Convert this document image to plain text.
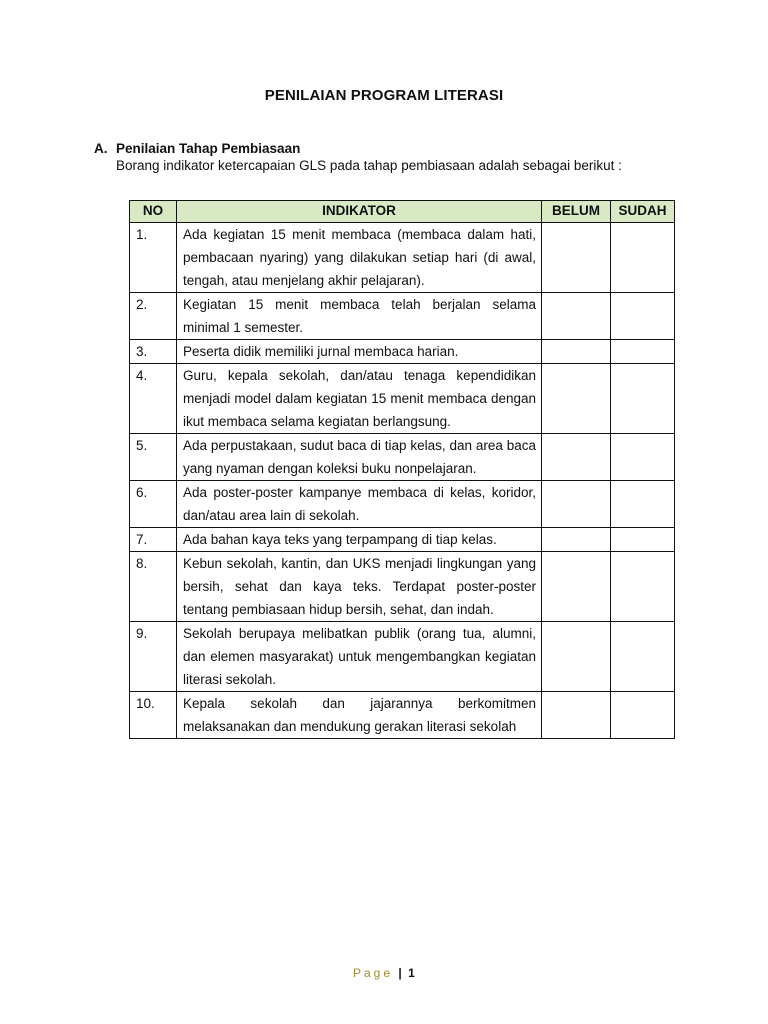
PENILAIAN PROGRAM LITERASI
A. Penilaian Tahap Pembiasaan
Borang indikator ketercapaian GLS pada tahap pembiasaan adalah sebagai berikut :
NO	INDIKATOR	BELUM	SUDAH
1.	Ada kegiatan 15 menit membaca (membaca dalam hati, pembacaan nyaring) yang dilakukan setiap hari (di awal, tengah, atau menjelang akhir pelajaran).		
2.	Kegiatan 15 menit membaca telah berjalan selama minimal 1 semester.		
3.	Peserta didik memiliki jurnal membaca harian.		
4.	Guru, kepala sekolah, dan/atau tenaga kependidikan menjadi model dalam kegiatan 15 menit membaca dengan ikut membaca selama kegiatan berlangsung.		
5.	Ada perpustakaan, sudut baca di tiap kelas, dan area baca yang nyaman dengan koleksi buku nonpelajaran.		
6.	Ada poster-poster kampanye membaca di kelas, koridor, dan/atau area lain di sekolah.		
7.	Ada bahan kaya teks yang terpampang di tiap kelas.		
8.	Kebun sekolah, kantin, dan UKS menjadi lingkungan yang bersih, sehat dan kaya teks. Terdapat poster-poster tentang pembiasaan hidup bersih, sehat, dan indah.		
9.	Sekolah berupaya melibatkan publik (orang tua, alumni, dan elemen masyarakat) untuk mengembangkan kegiatan literasi sekolah.		
10.	Kepala sekolah dan jajarannya berkomitmen melaksanakan dan mendukung gerakan literasi sekolah		
Page | 1
